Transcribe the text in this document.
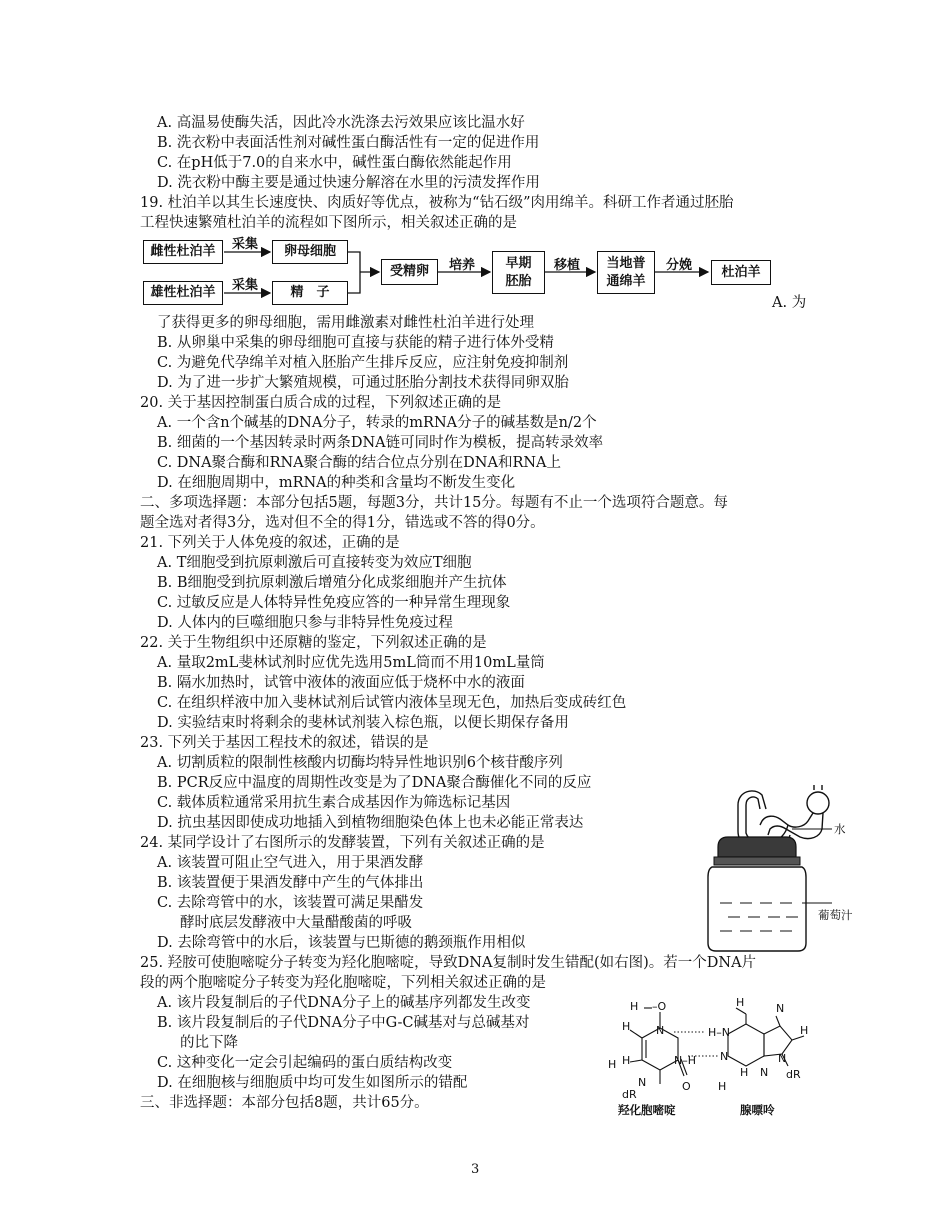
A. 高温易使酶失活，因此冷水洗涤去污效果应该比温水好
B. 洗衣粉中表面活性剂对碱性蛋白酶活性有一定的促进作用
C. 在pH低于7.0的自来水中，碱性蛋白酶依然能起作用
D. 洗衣粉中酶主要是通过快速分解溶在水里的污渍发挥作用
19. 杜泊羊以其生长速度快、肉质好等优点，被称为“钻石级”肉用绵羊。科研工作者通过胚胎
工程快速繁殖杜泊羊的流程如下图所示，相关叙述正确的是
雌性杜泊羊
雄性杜泊羊
采集
采集
卵母细胞
精　子
受精卵	培养	早期胚胎
移植	当地普通绵羊
分娩	杜泊羊
A. 为
了获得更多的卵母细胞，需用雌激素对雌性杜泊羊进行处理
B. 从卵巢中采集的卵母细胞可直接与获能的精子进行体外受精
C. 为避免代孕绵羊对植入胚胎产生排斥反应，应注射免疫抑制剂
D. 为了进一步扩大繁殖规模，可通过胚胎分割技术获得同卵双胎
20. 关于基因控制蛋白质合成的过程，下列叙述正确的是
A. 一个含n个碱基的DNA分子，转录的mRNA分子的碱基数是n/2个
B. 细菌的一个基因转录时两条DNA链可同时作为模板，提高转录效率
C. DNA聚合酶和RNA聚合酶的结合位点分别在DNA和RNA上
D. 在细胞周期中，mRNA的种类和含量均不断发生变化
二、多项选择题：本部分包括5题，每题3分，共计15分。每题有不止一个选项符合题意。每
题全选对者得3分，选对但不全的得1分，错选或不答的得0分。
21. 下列关于人体免疫的叙述，正确的是
A. T细胞受到抗原刺激后可直接转变为效应T细胞
B. B细胞受到抗原刺激后增殖分化成浆细胞并产生抗体
C. 过敏反应是人体特异性免疫应答的一种异常生理现象
D. 人体内的巨噬细胞只参与非特异性免疫过程
22. 关于生物组织中还原糖的鉴定，下列叙述正确的是
A. 量取2mL斐林试剂时应优先选用5mL筒而不用10mL量筒
B. 隔水加热时，试管中液体的液面应低于烧杯中水的液面
C. 在组织样液中加入斐林试剂后试管内液体呈现无色，加热后变成砖红色
D. 实验结束时将剩余的斐林试剂装入棕色瓶，以便长期保存备用
23. 下列关于基因工程技术的叙述，错误的是
A. 切割质粒的限制性核酸内切酶均特异性地识别6个核苷酸序列
B. PCR反应中温度的周期性改变是为了DNA聚合酶催化不同的反应
C. 载体质粒通常采用抗生素合成基因作为筛选标记基因
D. 抗虫基因即使成功地插入到植物细胞染色体上也未必能正常表达
24. 某同学设计了右图所示的发酵装置，下列有关叙述正确的是
A. 该装置可阻止空气进入，用于果酒发酵
B. 该装置便于果酒发酵中产生的气体排出
C. 去除弯管中的水，该装置可满足果醋发
酵时底层发酵液中大量醋酸菌的呼吸
D. 去除弯管中的水后，该装置与巴斯德的鹅颈瓶作用相似
25. 羟胺可使胞嘧啶分子转变为羟化胞嘧啶，导致DNA复制时发生错配(如右图)。若一个DNA片
段的两个胞嘧啶分子转变为羟化胞嘧啶，下列相关叙述正确的是
A. 该片段复制后的子代DNA分子上的碱基序列都发生改变
B. 该片段复制后的子代DNA分子中G-C碱基对与总碱基对
的比下降
C. 这种变化一定会引起编码的蛋白质结构改变
D. 在细胞核与细胞质中均可发生如图所示的错配
三、非选择题：本部分包括8题，共计65分。
水
葡萄汁
H –O
N	H–N
H
H
N
H
N–H N
H
N
N
N
H
dR
O
dR
H
H
羟化胞嘧啶	腺嘌呤
3
